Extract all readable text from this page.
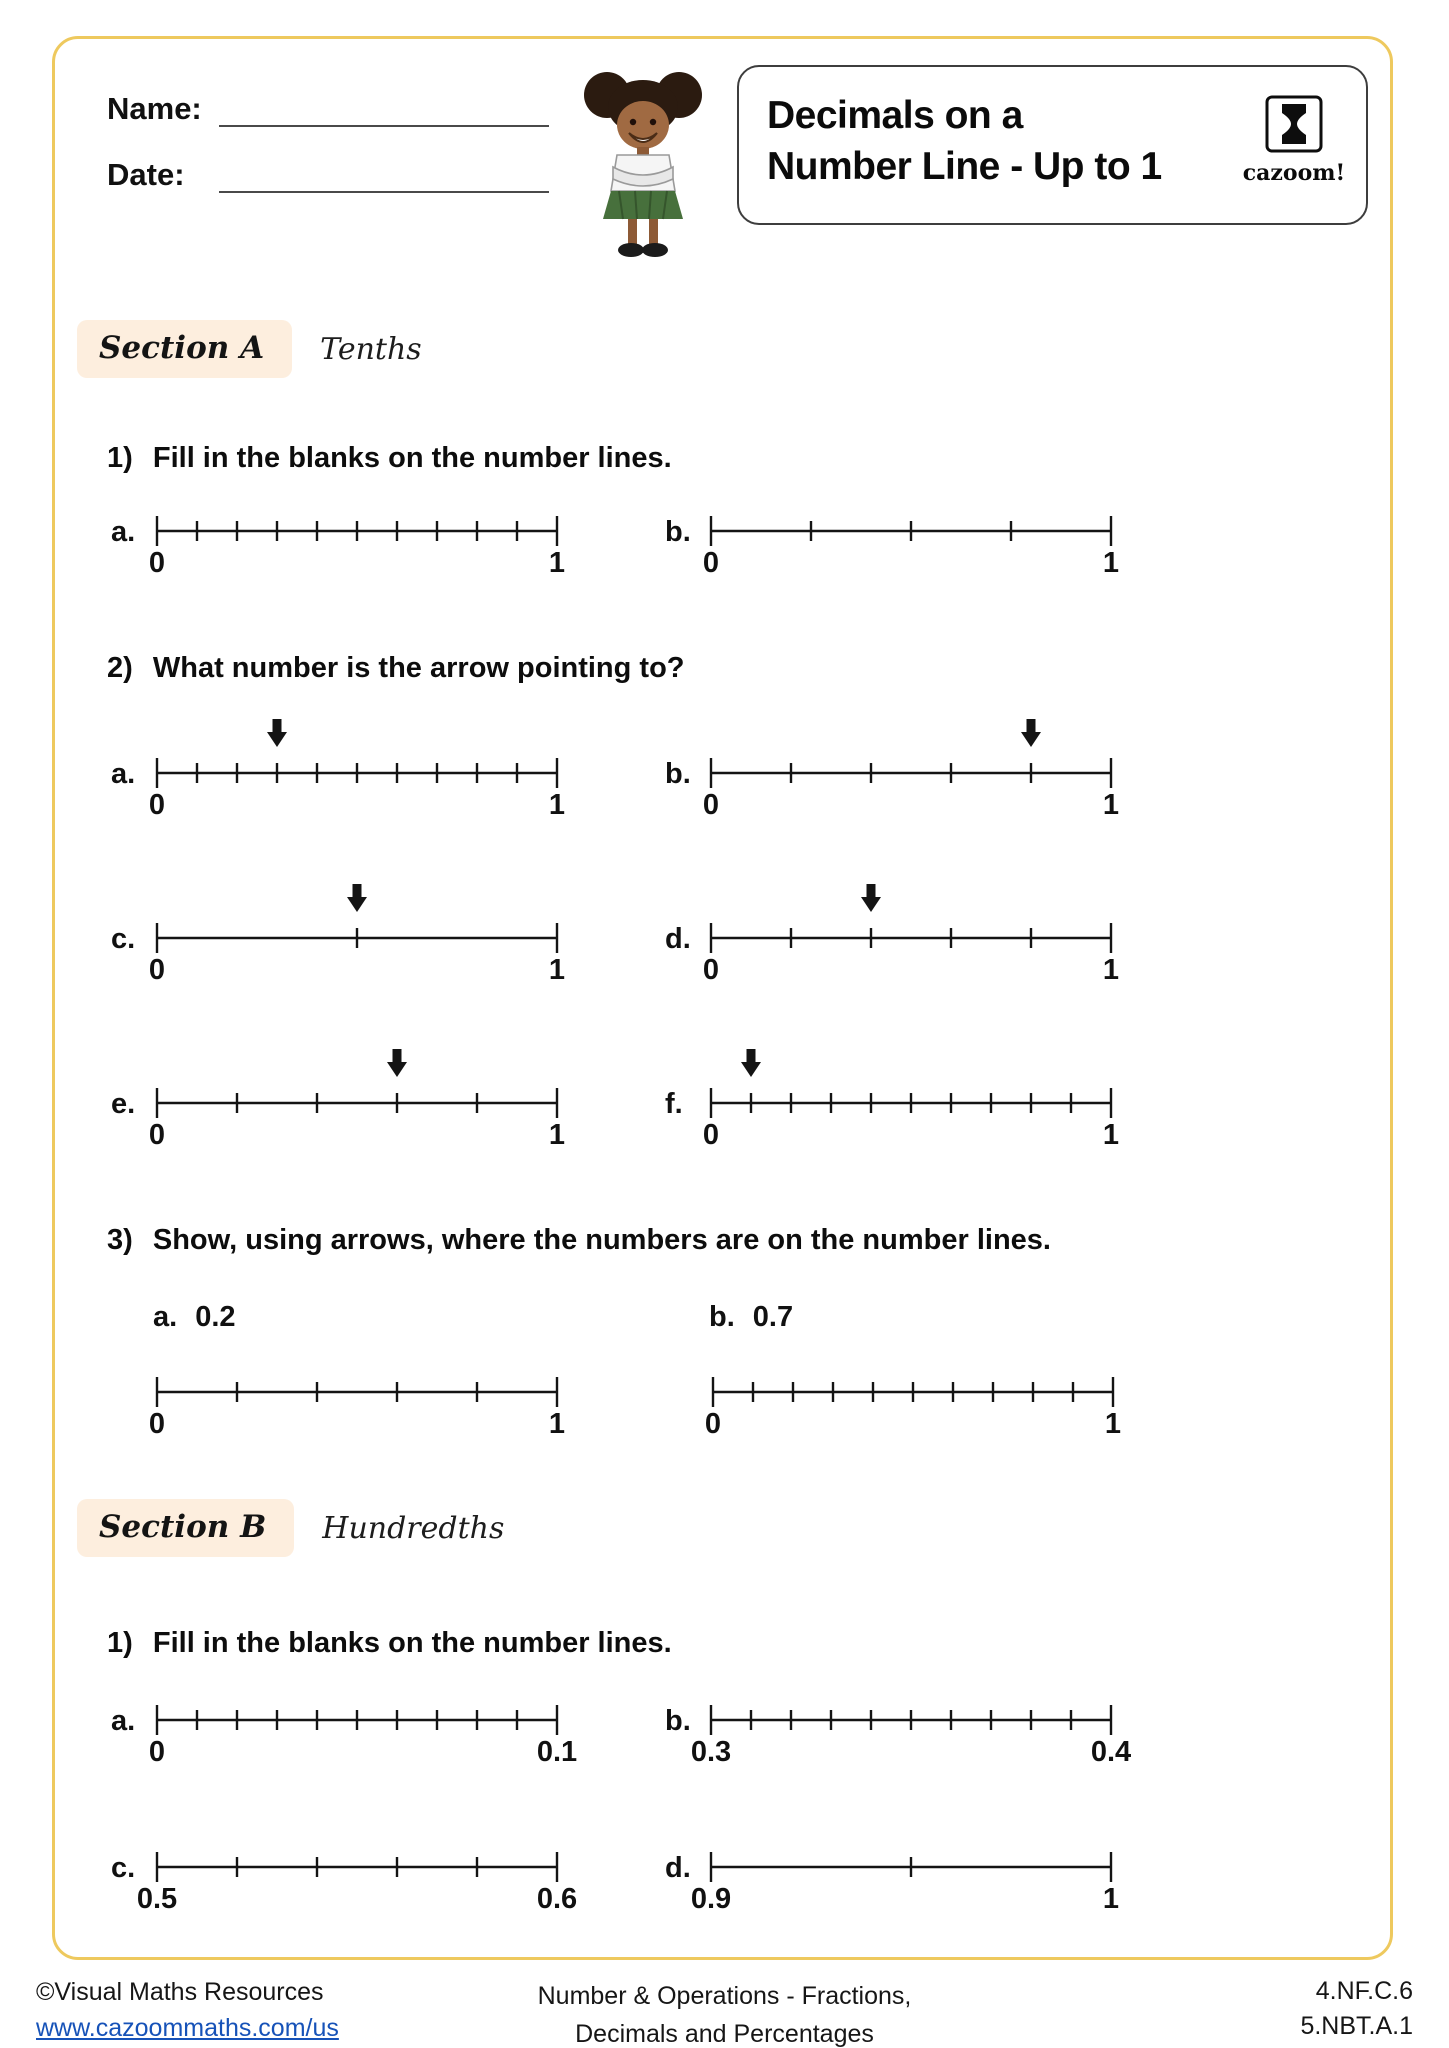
Name:
Date:
Decimals on a
Number Line - Up to 1	cazoom!
Section A	Tenths
1) Fill in the blanks on the number lines.
a.
0	1
b.
0	1
2) What number is the arrow pointing to?
a.
0	1
b.
0	1
c.
0	1
d.
0	1
e.
0	1
f.
0	1
3) Show, using arrows, where the numbers are on the number lines.
a. 0.2
0	1
b. 0.7
0	1
Section B	Hundredths
1) Fill in the blanks on the number lines.
a.
0	0.1
b.
0.3	0.4
c.
0.5	0.6
d.
0.9	1
©Visual Maths Resources
www.cazoommaths.com/us
Number & Operations - Fractions,
Decimals and Percentages
4.NF.C.6
5.NBT.A.1
